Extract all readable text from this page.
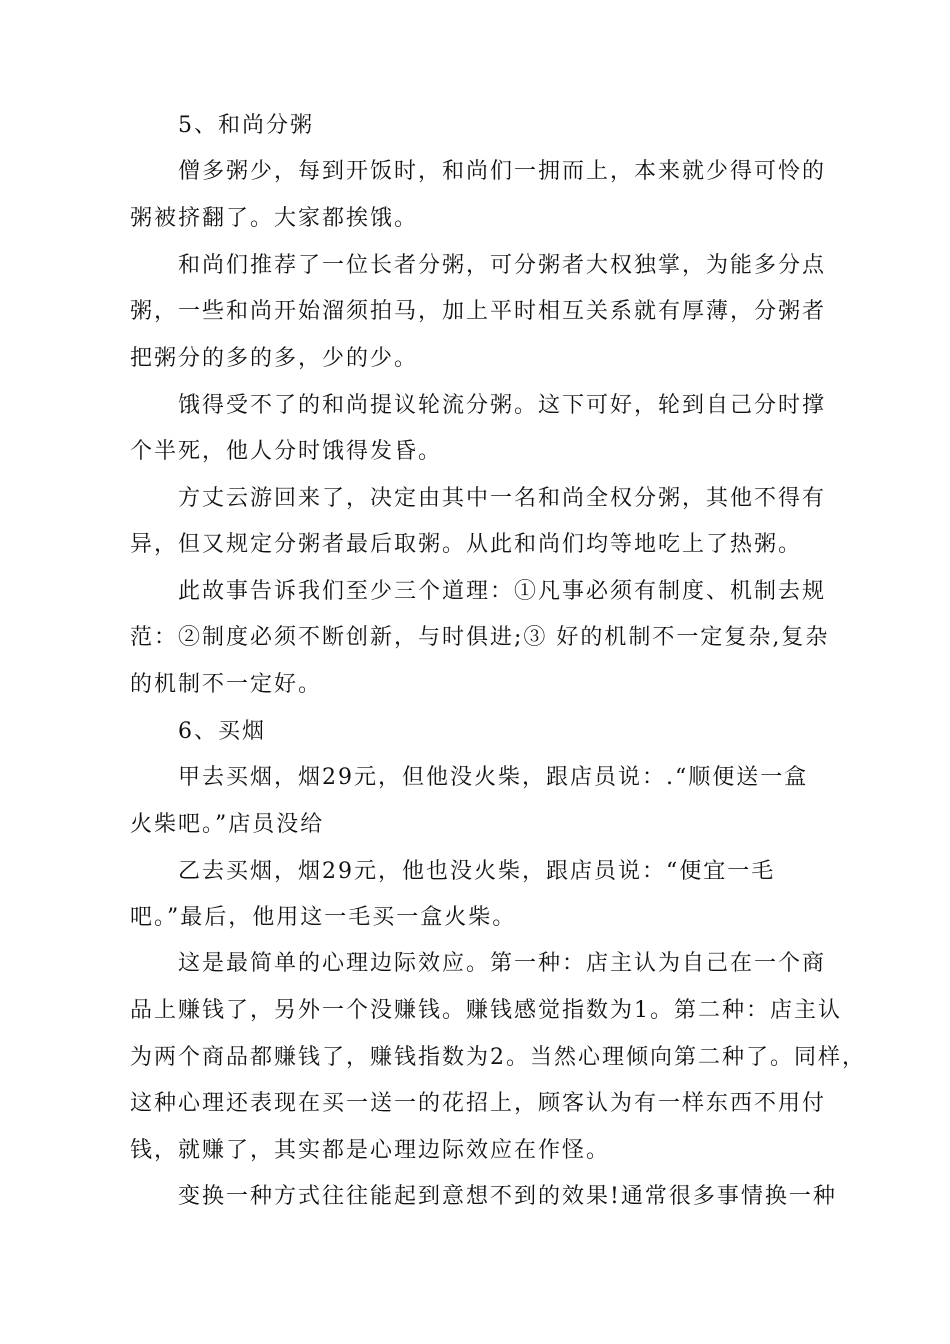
5、和尚分粥
僧多粥少，每到开饭时，和尚们一拥而上，本来就少得可怜的
粥被挤翻了。大家都挨饿。
和尚们推荐了一位长者分粥，可分粥者大权独掌，为能多分点
粥，一些和尚开始溜须拍马，加上平时相互关系就有厚薄，分粥者
把粥分的多的多，少的少。
饿得受不了的和尚提议轮流分粥。这下可好，轮到自己分时撑
个半死，他人分时饿得发昏。
方丈云游回来了，决定由其中一名和尚全权分粥，其他不得有
异，但又规定分粥者最后取粥。从此和尚们均等地吃上了热粥。
此故事告诉我们至少三个道理：①凡事必须有制度、机制去规
范：②制度必须不断创新，与时俱进;③ 好的机制不一定复杂,复杂
的机制不一定好。
6、买烟
甲去买烟，烟29元，但他没火柴，跟店员说：.“顺便送一盒
火柴吧。”店员没给
乙去买烟，烟29元，他也没火柴，跟店员说：“便宜一毛
吧。”最后，他用这一毛买一盒火柴。
这是最简单的心理边际效应。第一种：店主认为自己在一个商
品上赚钱了，另外一个没赚钱。赚钱感觉指数为1。第二种：店主认
为两个商品都赚钱了，赚钱指数为2。当然心理倾向第二种了。同样，
这种心理还表现在买一送一的花招上，顾客认为有一样东西不用付
钱，就赚了，其实都是心理边际效应在作怪。
变换一种方式往往能起到意想不到的效果!通常很多事情换一种
